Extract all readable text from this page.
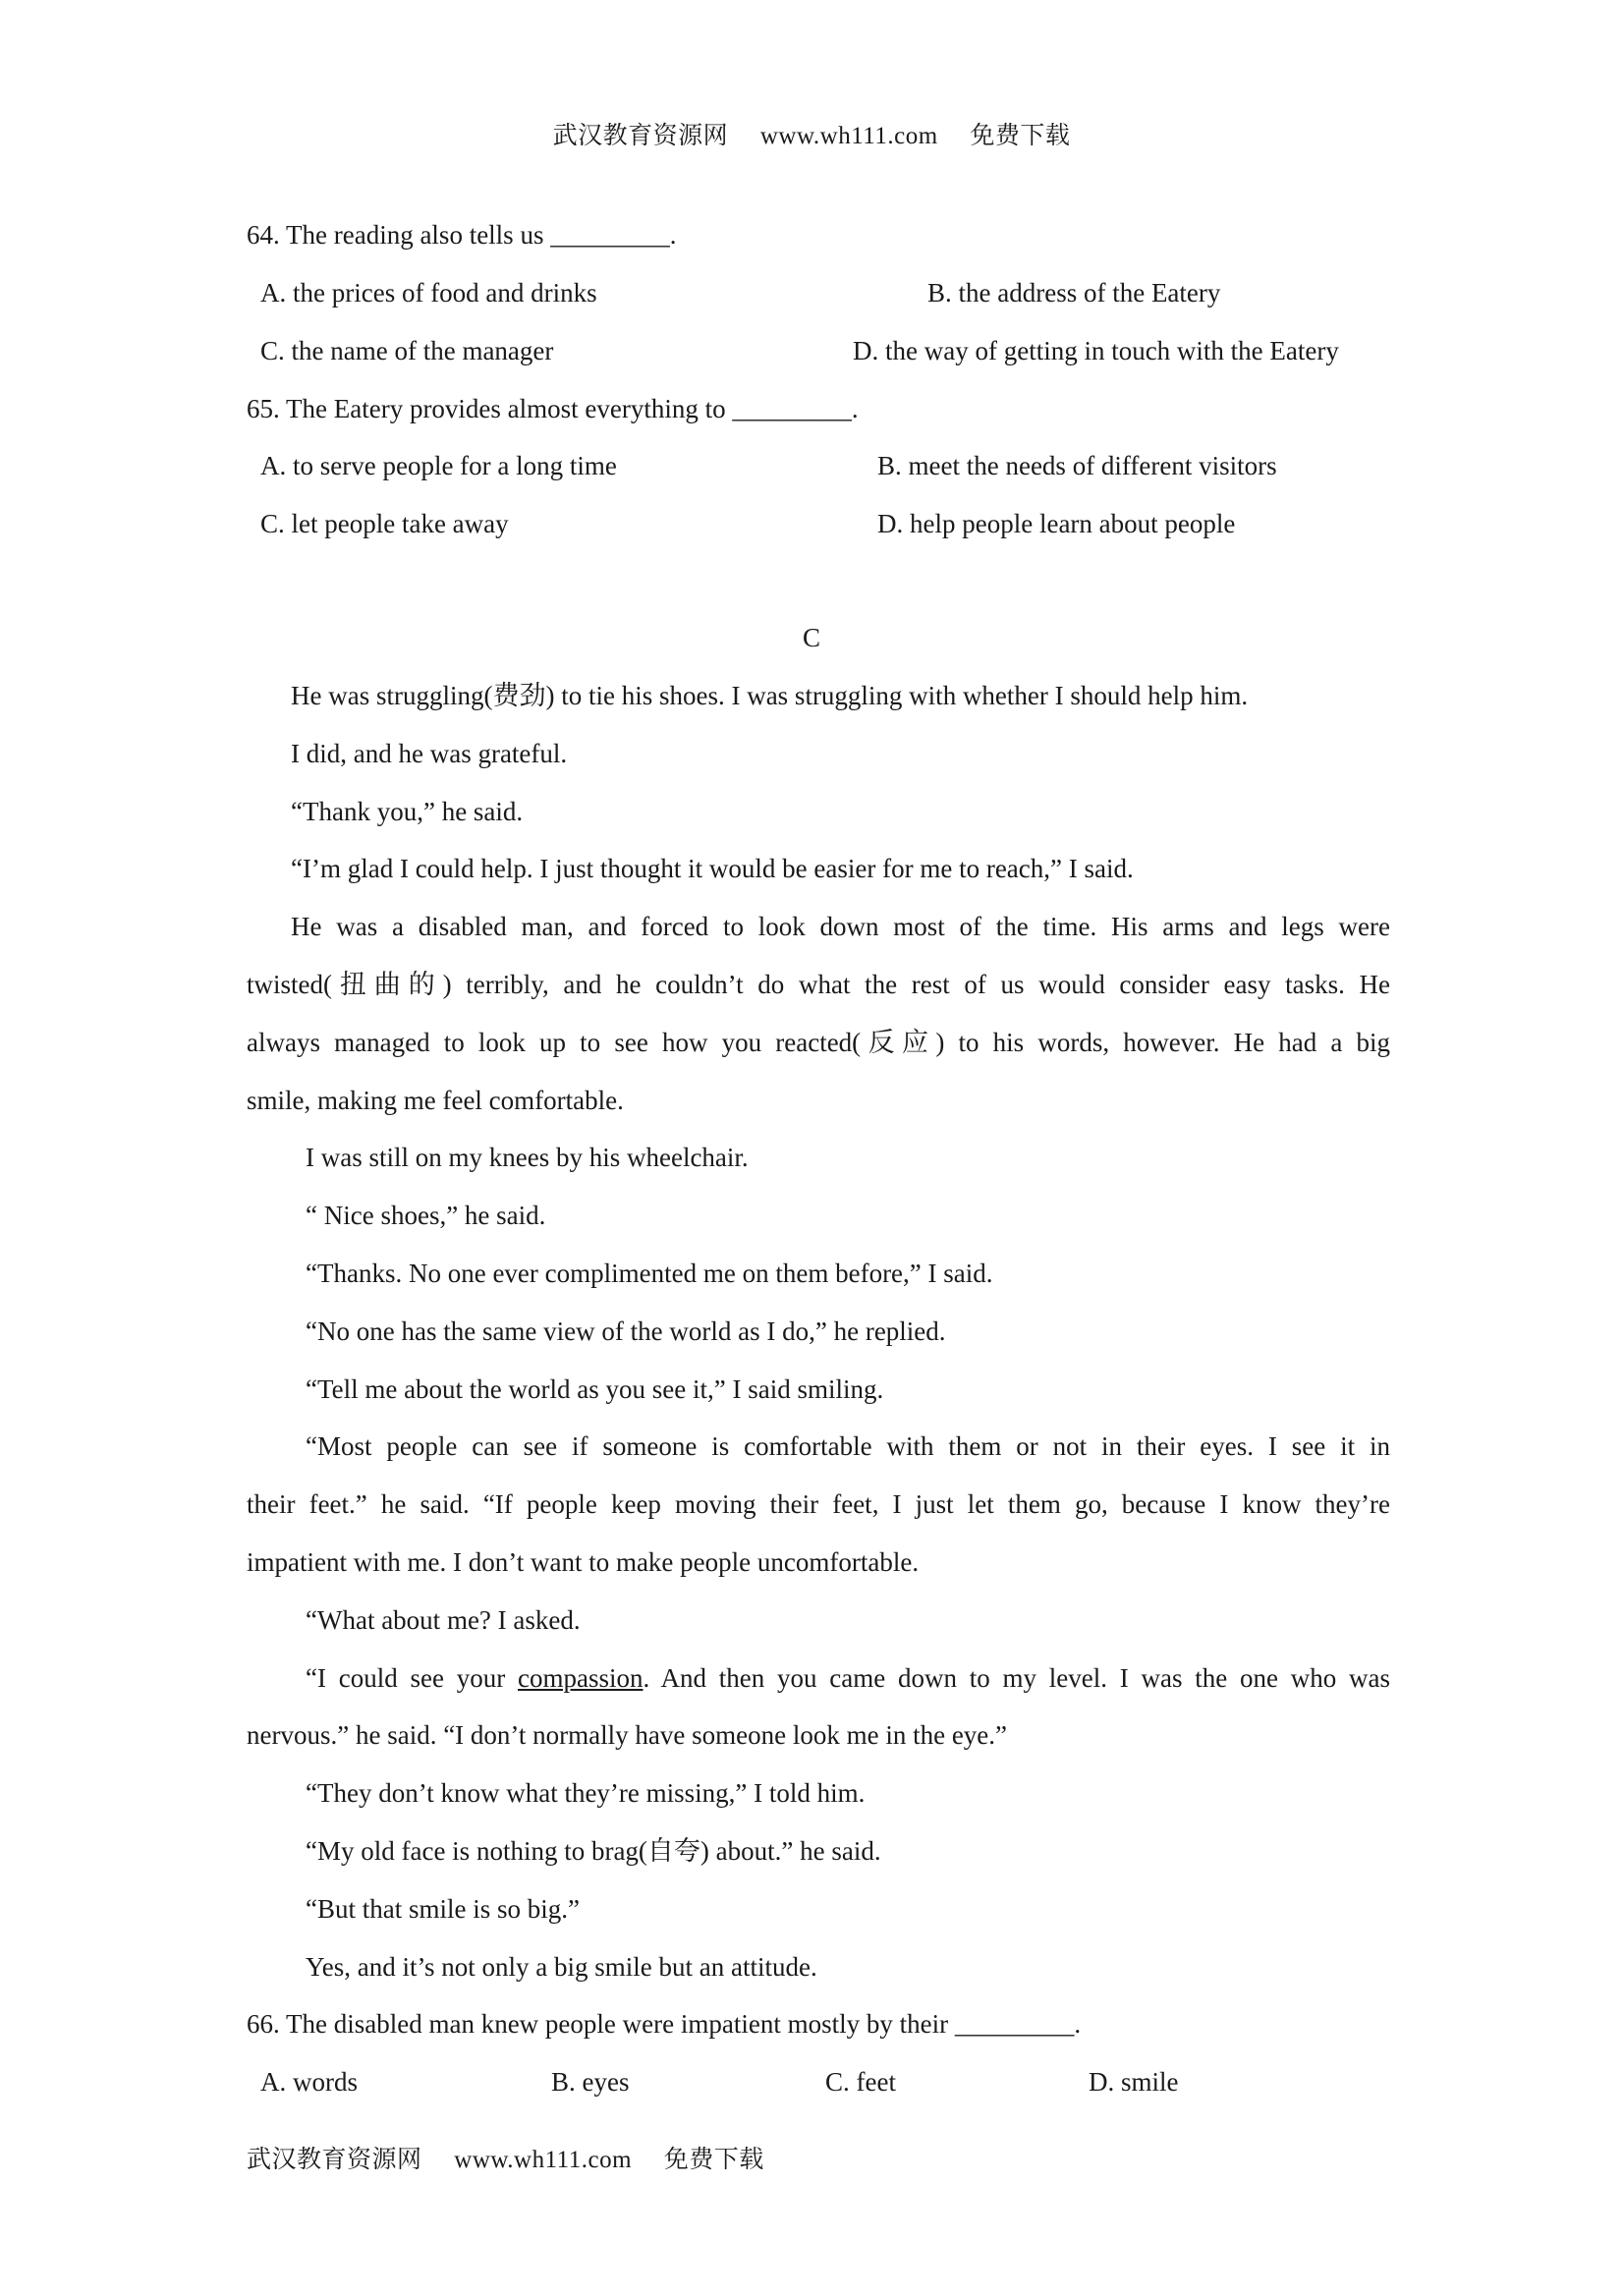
武汉教育资源网 www.wh111.com 免费下载
64. The reading also tells us _________.
A. the prices of food and drinks	B. the address of the Eatery
C. the name of the manager	D. the way of getting in touch with the Eatery
65. The Eatery provides almost everything to _________.
A. to serve people for a long time	B. meet the needs of different visitors
C. let people take away	D. help people learn about people
C
He was struggling(费劲) to tie his shoes. I was struggling with whether I should help him.
I did, and he was grateful.
“Thank you,” he said.
“I’m glad I could help. I just thought it would be easier for me to reach,” I said.
He was a disabled man, and forced to look down most of the time. His arms and legs were
twisted(扭曲的) terribly, and he couldn’t do what the rest of us would consider easy tasks. He
always managed to look up to see how you reacted(反应) to his words, however. He had a big
smile, making me feel comfortable.
I was still on my knees by his wheelchair.
“ Nice shoes,” he said.
“Thanks. No one ever complimented me on them before,” I said.
“No one has the same view of the world as I do,” he replied.
“Tell me about the world as you see it,” I said smiling.
“Most people can see if someone is comfortable with them or not in their eyes. I see it in
their feet.” he said. “If people keep moving their feet, I just let them go, because I know they’re
impatient with me. I don’t want to make people uncomfortable.
“What about me? I asked.
“I could see your compassion. And then you came down to my level. I was the one who was
nervous.” he said. “I don’t normally have someone look me in the eye.”
“They don’t know what they’re missing,” I told him.
“My old face is nothing to brag(自夸) about.” he said.
“But that smile is so big.”
Yes, and it’s not only a big smile but an attitude.
66. The disabled man knew people were impatient mostly by their _________.
A. words	B. eyes	C. feet	D. smile
武汉教育资源网 www.wh111.com 免费下载
